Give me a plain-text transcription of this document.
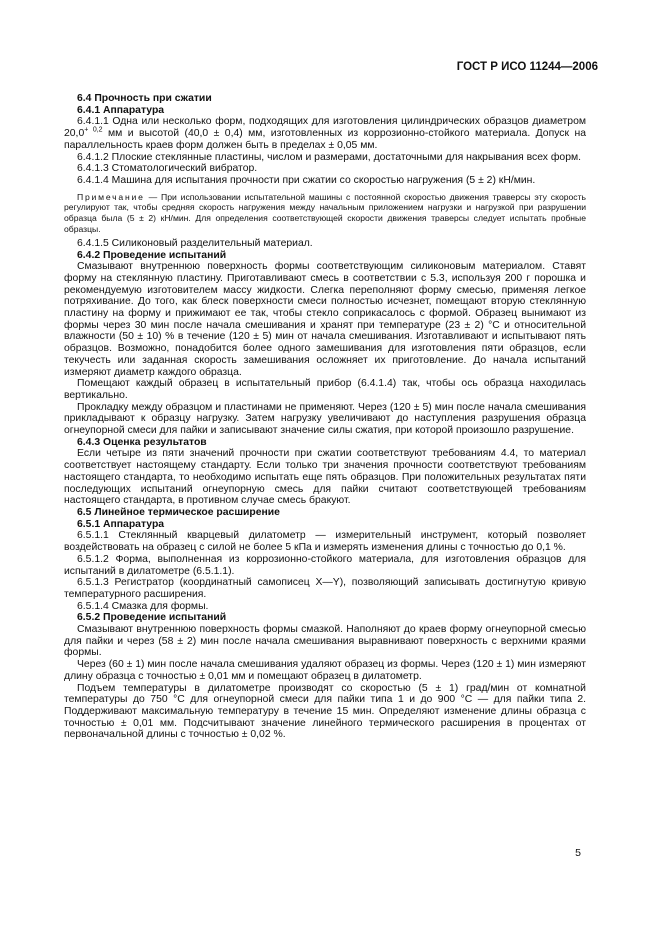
ГОСТ Р ИСО 11244—2006
6.4 Прочность при сжатии
6.4.1 Аппаратура

6.4.1.1 Одна или несколько форм, подходящих для изготовления цилиндрических образцов диаметром $20,0^{+ 0,2}$ мм и высотой (40,0 ± 0,4) мм, изготовленных из коррозионно-стойкого материала. Допуск на параллельность краев форм должен быть в пределах ± 0,05 мм.

6.4.1.2 Плоские стеклянные пластины, числом и размерами, достаточными для накрывания всех форм.

6.4.1.3 Стоматологический вибратор.

6.4.1.4 Машина для испытания прочности при сжатии со скоростью нагружения (5 ± 2) кН/мин.

Примечание — При использовании испытательной машины с постоянной скоростью движения траверсы эту скорость регулируют так, чтобы средняя скорость нагружения между начальным приложением нагрузки и нагрузкой при разрушении образца была (5 ± 2) кН/мин. Для определения соответствующей скорости движения траверсы следует испытать пробные образцы.

6.4.1.5 Силиконовый разделительный материал.

6.4.2 Проведение испытаний

Смазывают внутреннюю поверхность формы соответствующим силиконовым материалом. Ставят форму на стеклянную пластину. Приготавливают смесь в соответствии с 5.3, используя 200 г порошка и рекомендуемую изготовителем массу жидкости. Слегка переполняют форму смесью, применяя легкое потряхивание. До того, как блеск поверхности смеси полностью исчезнет, помещают вторую стеклянную пластину на форму и прижимают ее так, чтобы стекло соприкасалось с формой. Образец вынимают из формы через 30 мин после начала смешивания и хранят при температуре (23 ± 2) °С и относительной влажности (50 ± 10) % в течение (120 ± 5) мин от начала смешивания. Изготавливают и испытывают пять образцов. Возможно, понадобится более одного замешивания для изготовления пяти образцов, если текучесть или заданная скорость замешивания осложняет их приготовление. До начала испытаний измеряют диаметр каждого образца.

Помещают каждый образец в испытательный прибор (6.4.1.4) так, чтобы ось образца находилась вертикально.

Прокладку между образцом и пластинами не применяют. Через (120 ± 5) мин после начала смешивания прикладывают к образцу нагрузку. Затем нагрузку увеличивают до наступления разрушения образца огнеупорной смеси для пайки и записывают значение силы сжатия, при которой произошло разрушение.

6.4.3 Оценка результатов

Если четыре из пяти значений прочности при сжатии соответствуют требованиям 4.4, то материал соответствует настоящему стандарту. Если только три значения прочности соответствуют требованиям настоящего стандарта, то необходимо испытать еще пять образцов. При положительных результатах пяти последующих испытаний огнеупорную смесь для пайки считают соответствующей требованиям настоящего стандарта, в противном случае смесь бракуют.

6.5 Линейное термическое расширение
6.5.1 Аппаратура

6.5.1.1 Стеклянный кварцевый дилатометр — измерительный инструмент, который позволяет воздействовать на образец с силой не более 5 кПа и измерять изменения длины с точностью до 0,1 %.

6.5.1.2 Форма, выполненная из коррозионно-стойкого материала, для изготовления образцов для испытаний в дилатометре (6.5.1.1).

6.5.1.3 Регистратор (координатный самописец X—Y), позволяющий записывать достигнутую кривую температурного расширения.

6.5.1.4 Смазка для формы.

6.5.2 Проведение испытаний

Смазывают внутреннюю поверхность формы смазкой. Наполняют до краев форму огнеупорной смесью для пайки и через (58 ± 2) мин после начала смешивания выравнивают поверхность с верхними краями формы.

Через (60 ± 1) мин после начала смешивания удаляют образец из формы. Через (120 ± 1) мин измеряют длину образца с точностью ± 0,01 мм и помещают образец в дилатометр.

Подъем температуры в дилатометре производят со скоростью (5 ± 1) град/мин от комнатной температуры до 750 °С для огнеупорной смеси для пайки типа 1 и до 900 °С — для пайки типа 2. Поддерживают максимальную температуру в течение 15 мин. Определяют изменение длины образца с точностью ± 0,01 мм. Подсчитывают значение линейного термического расширения в процентах от первоначальной длины с точностью ± 0,02 %.

5
